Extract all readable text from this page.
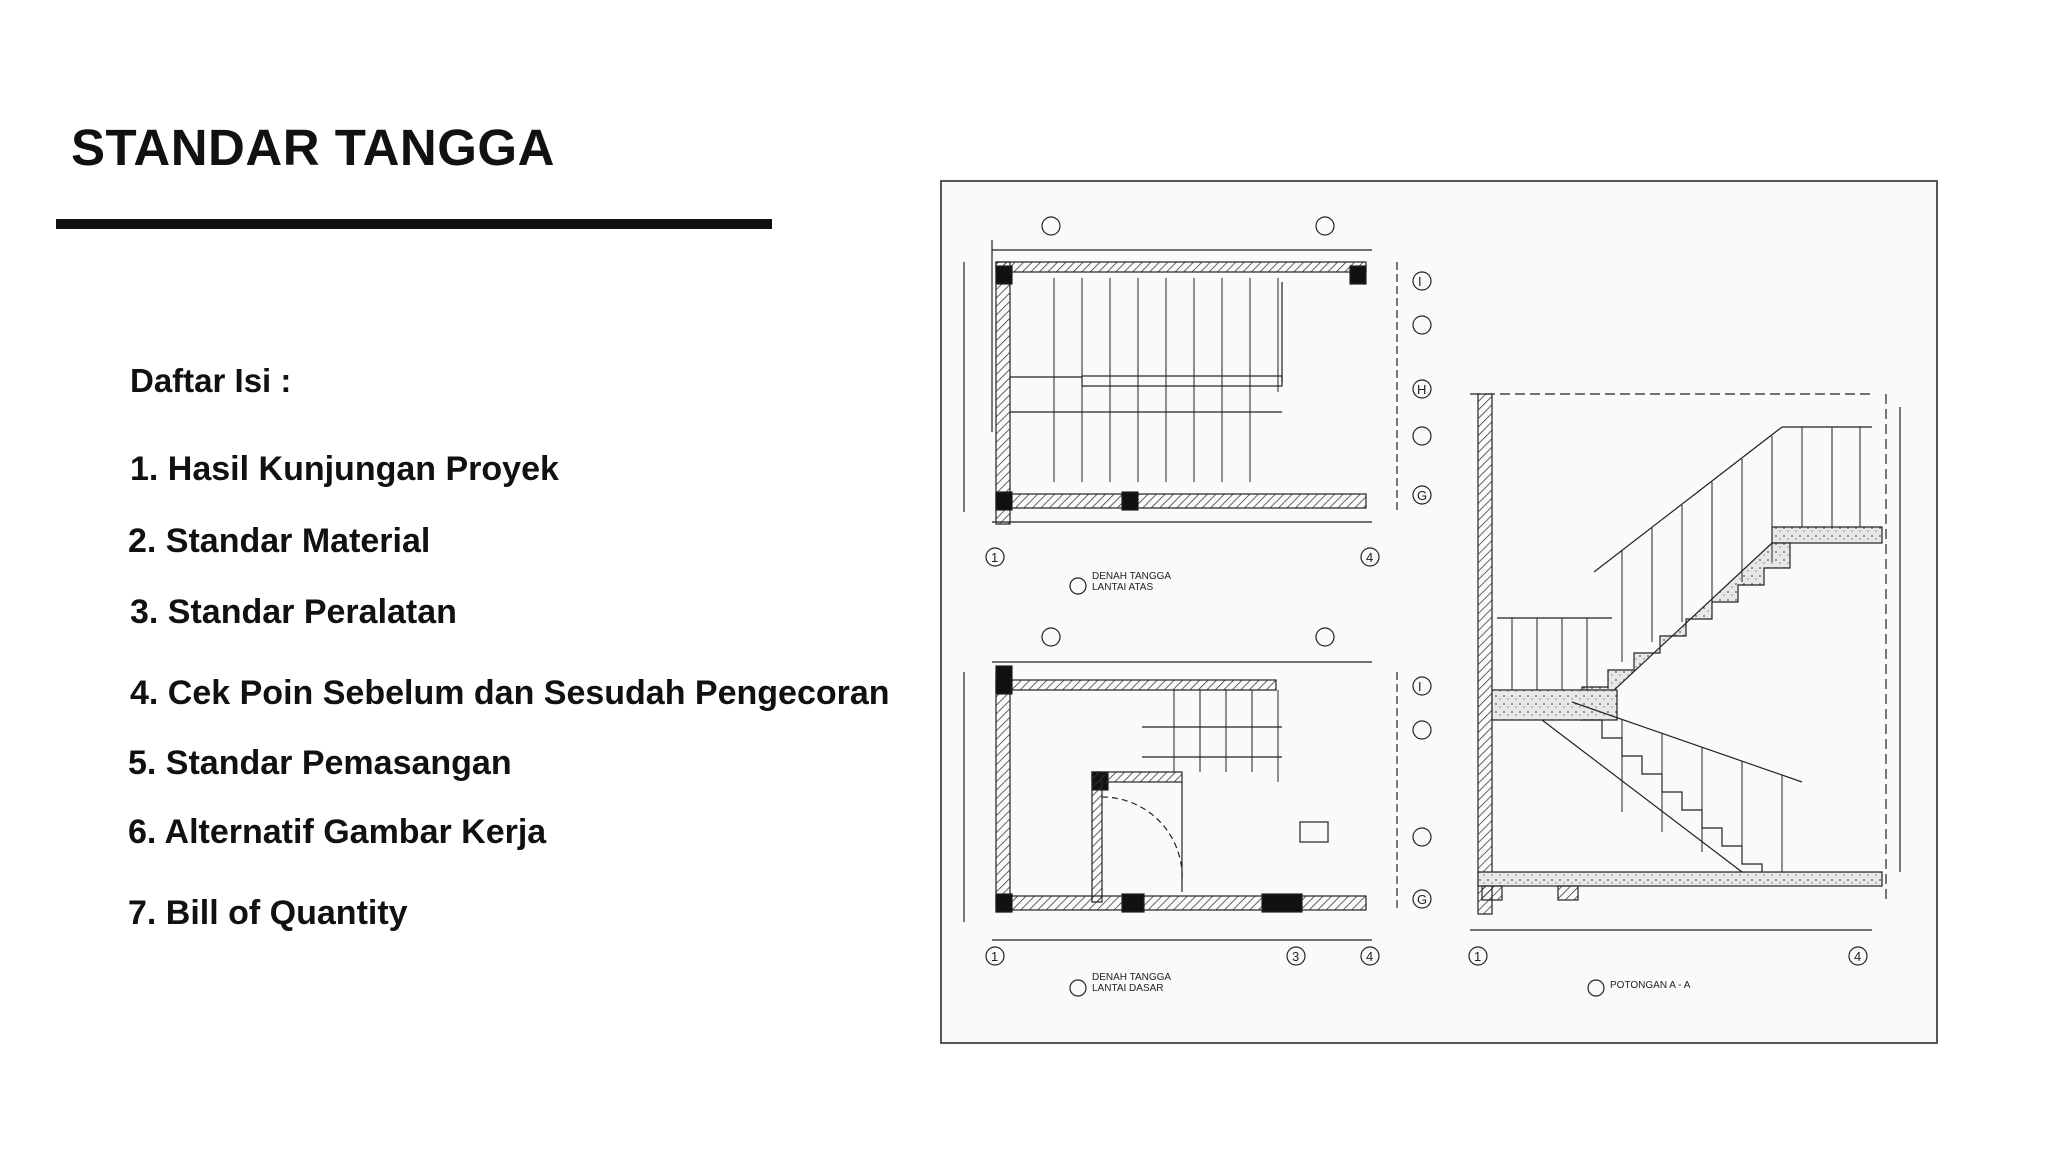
STANDAR TANGGA
Daftar Isi :
1. Hasil Kunjungan Proyek
2. Standar Material
3. Standar Peralatan
4. Cek Poin Sebelum dan Sesudah Pengecoran
5. Standar Pemasangan
6. Alternatif Gambar Kerja
7. Bill of Quantity
I
H
G
1	4
DENAH TANGGA
LANTAI ATAS
I
G
1	3	4
DENAH TANGGA
LANTAI DASAR
1	4
POTONGAN A - A
